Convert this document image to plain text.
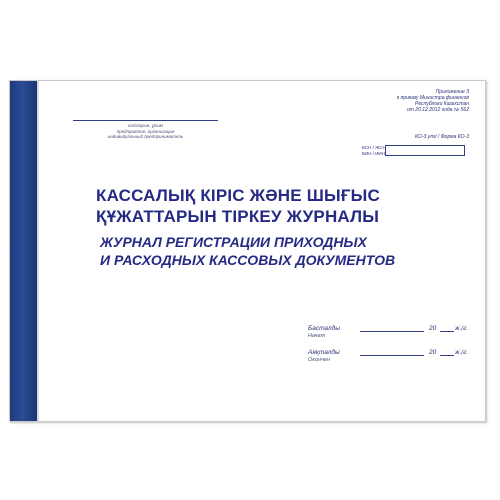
кәсіпорын, ұйым
предприятие, организация
индивидуальный предприниматель
Приложение 3
к приказу Министра финансов
Республики Казахстан
от 20.12.2012 года № 562
КО-3 үлгі / Форма КО-3
БСН / ЖСН
БИН / ИИН
КАССАЛЫҚ КІРІС ЖӘНЕ ШЫҒЫС
ҚҰЖАТТАРЫН ТІРКЕУ ЖУРНАЛЫ
ЖУРНАЛ РЕГИСТРАЦИИ ПРИХОДНЫХ
И РАСХОДНЫХ КАССОВЫХ ДОКУМЕНТОВ
Басталды
Начат
20	ж./г.
Аяқталды
Окончен
20	ж./г.
